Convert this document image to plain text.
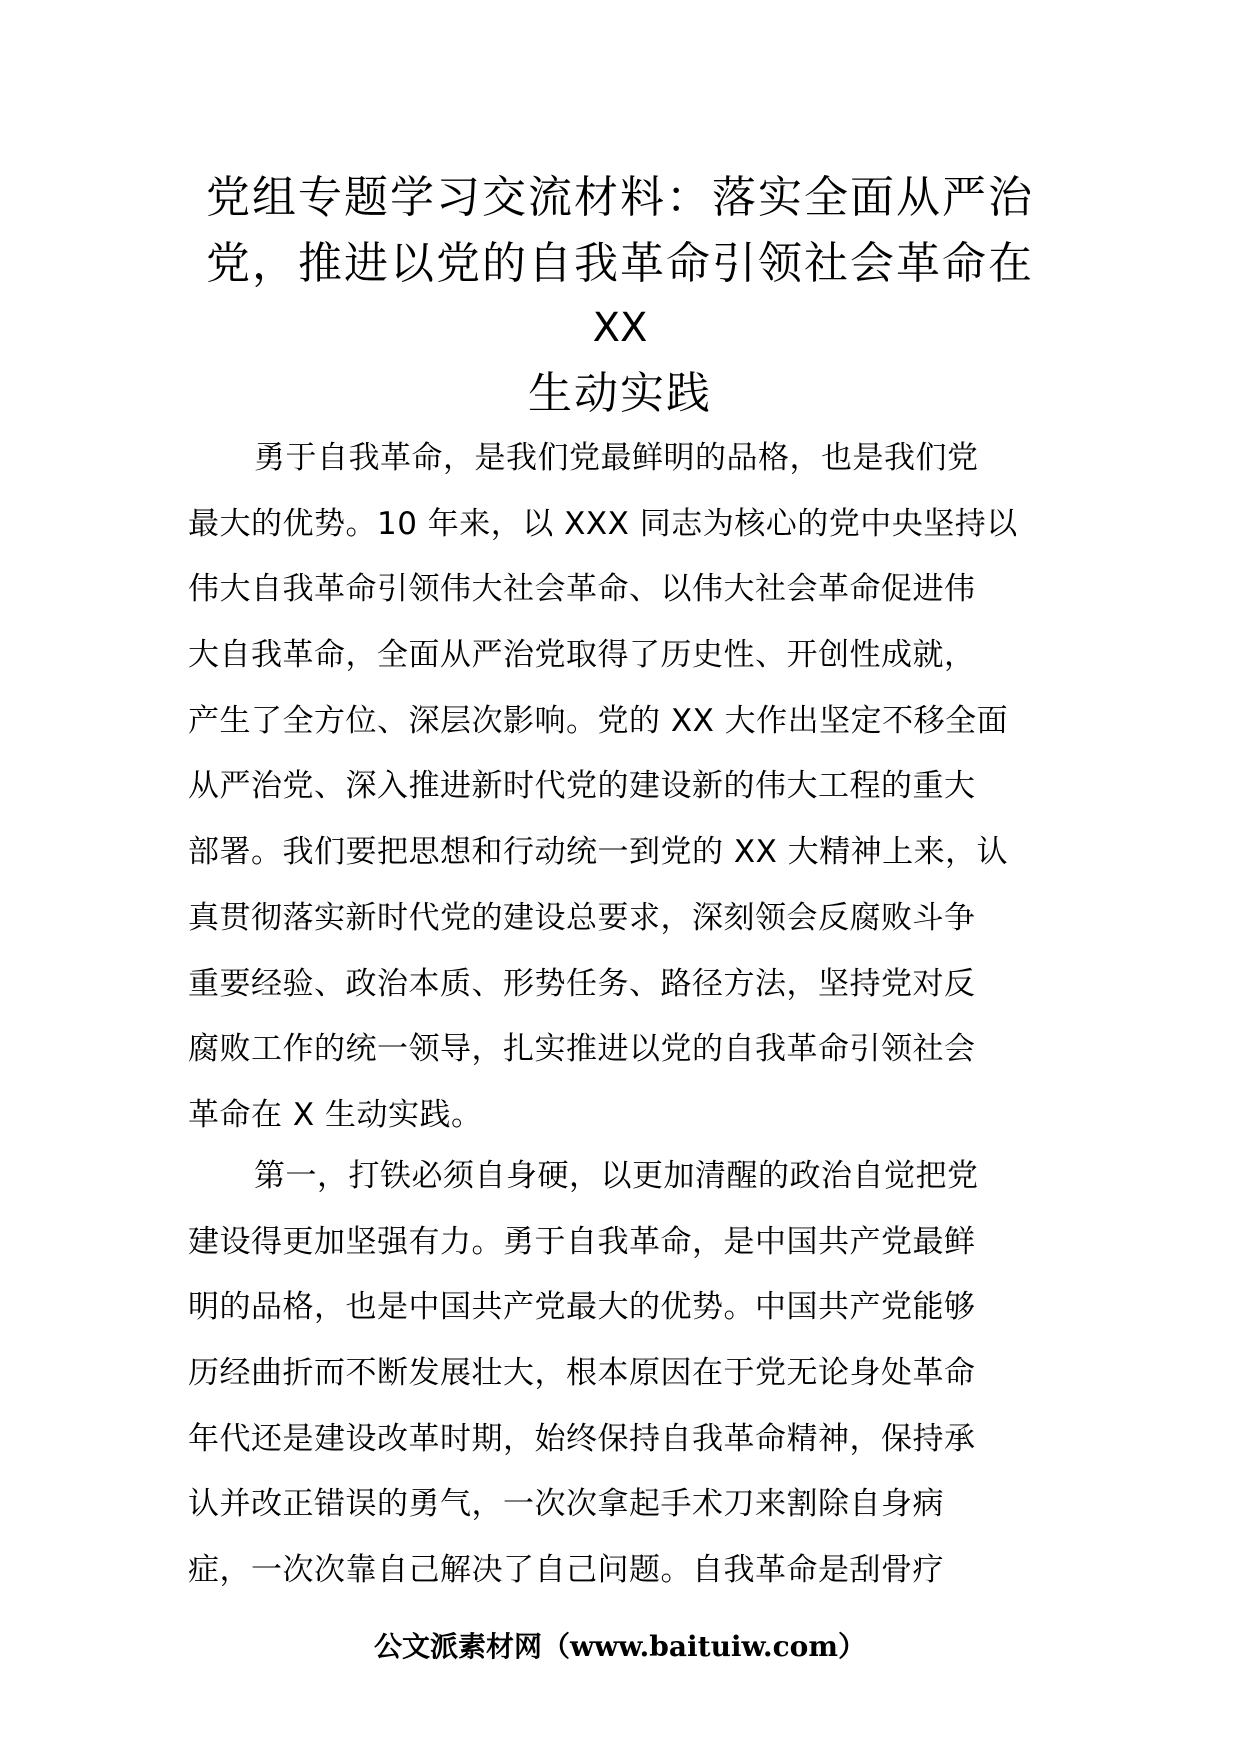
党组专题学习交流材料：落实全面从严治
党，推进以党的自我革命引领社会革命在
XX
生动实践
勇于自我革命，是我们党最鲜明的品格，也是我们党
最大的优势。10 年来，以 XXX 同志为核心的党中央坚持以
伟大自我革命引领伟大社会革命、以伟大社会革命促进伟
大自我革命，全面从严治党取得了历史性、开创性成就，
产生了全方位、深层次影响。党的 XX 大作出坚定不移全面
从严治党、深入推进新时代党的建设新的伟大工程的重大
部署。我们要把思想和行动统一到党的 XX 大精神上来，认
真贯彻落实新时代党的建设总要求，深刻领会反腐败斗争
重要经验、政治本质、形势任务、路径方法，坚持党对反
腐败工作的统一领导，扎实推进以党的自我革命引领社会
革命在 X 生动实践。
第一，打铁必须自身硬，以更加清醒的政治自觉把党
建设得更加坚强有力。勇于自我革命，是中国共产党最鲜
明的品格，也是中国共产党最大的优势。中国共产党能够
历经曲折而不断发展壮大，根本原因在于党无论身处革命
年代还是建设改革时期，始终保持自我革命精神，保持承
认并改正错误的勇气，一次次拿起手术刀来割除自身病
症，一次次靠自己解决了自己问题。自我革命是刮骨疗
公文派素材网（www.baituiw.com）
